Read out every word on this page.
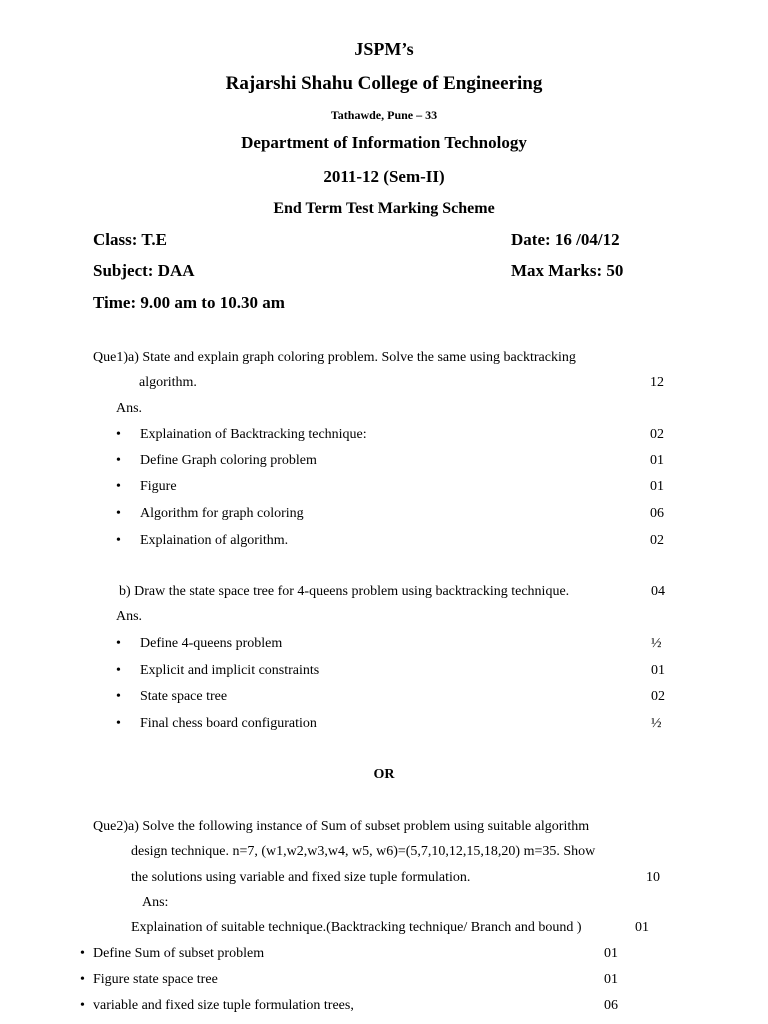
JSPM’s
Rajarshi Shahu College of Engineering
Tathawde, Pune – 33
Department of Information Technology
2011-12 (Sem-II)
End Term Test Marking Scheme
Class: T.E	Date: 16 /04/12
Subject: DAA	Max Marks: 50
Time: 9.00 am to 10.30 am
Que1)a) State and explain graph coloring problem. Solve the same using backtracking
algorithm.	12
Ans.
• Explaination of Backtracking technique:	02
• Define Graph coloring problem	01
• Figure	01
• Algorithm for graph coloring	06
• Explaination of algorithm.	02
b) Draw the state space tree for 4-queens problem using backtracking technique.	04
Ans.
• Define 4-queens problem	½
• Explicit and implicit constraints	01
• State space tree	02
• Final chess board configuration	½
OR
Que2)a) Solve the following instance of Sum of subset problem using suitable algorithm
design technique. n=7, (w1,w2,w3,w4, w5, w6)=(5,7,10,12,15,18,20) m=35. Show
the solutions using variable and fixed size tuple formulation.	10
Ans:
Explaination of suitable technique.(Backtracking technique/ Branch and bound )	01
• Define Sum of subset problem	01
• Figure state space tree	01
• variable and fixed size tuple formulation trees,	06
